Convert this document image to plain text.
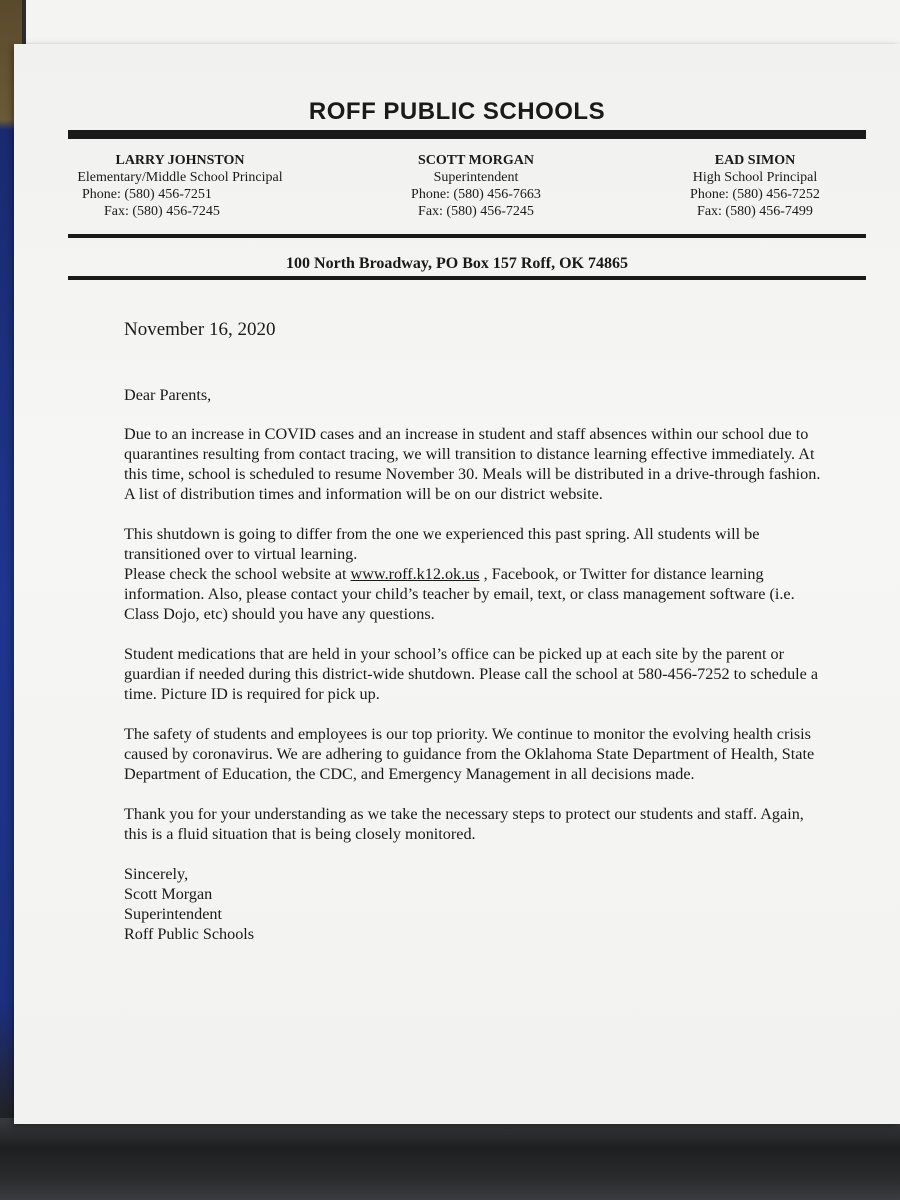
ROFF PUBLIC SCHOOLS
LARRY JOHNSTON
Elementary/Middle School Principal
Phone: (580) 456-7251
Fax: (580) 456-7245
SCOTT MORGAN
Superintendent
Phone: (580) 456-7663
Fax: (580) 456-7245
EAD SIMON
High School Principal
Phone: (580) 456-7252
Fax: (580) 456-7499
100 North Broadway, PO Box 157 Roff, OK 74865

November 16, 2020

Dear Parents,

Due to an increase in COVID cases and an increase in student and staff absences within our school due to quarantines resulting from contact tracing, we will transition to distance learning effective immediately. At this time, school is scheduled to resume November 30. Meals will be distributed in a drive-through fashion. A list of distribution times and information will be on our district website.

This shutdown is going to differ from the one we experienced this past spring. All students will be transitioned over to virtual learning.

Please check the school website at www.roff.k12.ok.us , Facebook, or Twitter for distance learning information. Also, please contact your child’s teacher by email, text, or class management software (i.e. Class Dojo, etc) should you have any questions.

Student medications that are held in your school’s office can be picked up at each site by the parent or guardian if needed during this district-wide shutdown. Please call the school at 580-456-7252 to schedule a time. Picture ID is required for pick up.

The safety of students and employees is our top priority. We continue to monitor the evolving health crisis caused by coronavirus. We are adhering to guidance from the Oklahoma State Department of Health, State Department of Education, the CDC, and Emergency Management in all decisions made.

Thank you for your understanding as we take the necessary steps to protect our students and staff. Again, this is a fluid situation that is being closely monitored.

Sincerely,

Scott Morgan

Superintendent

Roff Public Schools
